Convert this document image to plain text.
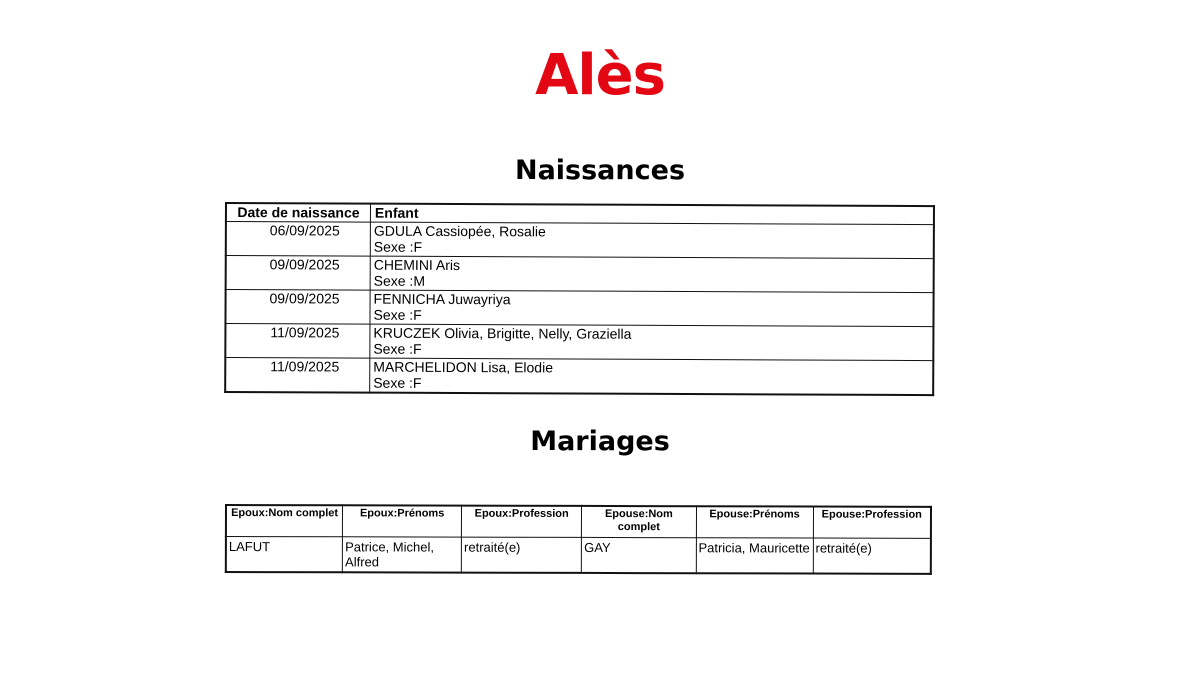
Alès
Naissances
Date de naissance	Enfant
06/09/2025	GDULA Cassiopée, Rosalie
Sexe :F

09/09/2025	CHEMINI Aris
Sexe :M

09/09/2025	FENNICHA Juwayriya
Sexe :F

11/09/2025	KRUCZEK Olivia, Brigitte, Nelly, Graziella
Sexe :F

11/09/2025	MARCHELIDON Lisa, Elodie
Sexe :F
Mariages
Epoux:Nom complet	Epoux:Prénoms	Epoux:Profession	Epouse:Nom complet	Epouse:Prénoms	Epouse:Profession
LAFUT	Patrice, Michel, Alfred	retraité(e)	GAY	Patricia, Mauricette	retraité(e)
